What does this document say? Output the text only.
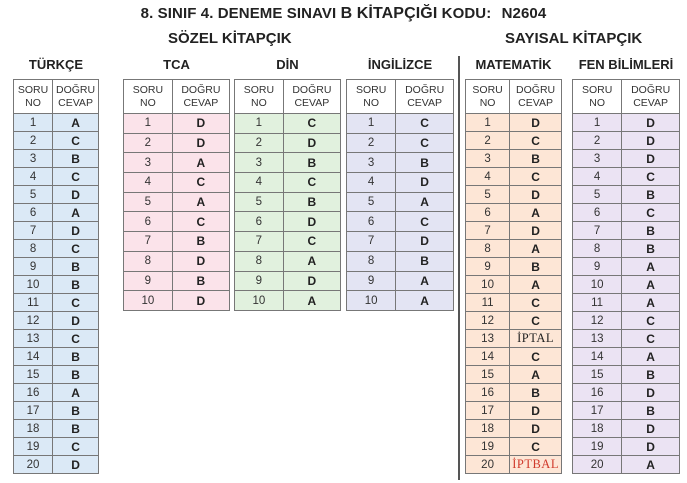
8. SINIF 4. DENEME SINAVI B KİTAPÇIĞI KODU: N2604
SÖZEL KİTAPÇIK	SAYISAL KİTAPÇIK
TÜRKÇE
SORU
NO	DOĞRU
CEVAP
1	A
2	C
3	B
4	C
5	D
6	A
7	D
8	C
9	B
10	B
11	C
12	D
13	C
14	B
15	B
16	A
17	B
18	B
19	C
20	D
TCA
SORU
NO	DOĞRU
CEVAP
1	D
2	D
3	A
4	C
5	A
6	C
7	B
8	D
9	B
10	D
DİN
SORU
NO	DOĞRU
CEVAP
1	C
2	D
3	B
4	C
5	B
6	D
7	C
8	A
9	D
10	A
İNGİLİZCE
SORU
NO	DOĞRU
CEVAP
1	C
2	C
3	B
4	D
5	A
6	C
7	D
8	B
9	A
10	A
MATEMATİK
SORU
NO	DOĞRU
CEVAP
1	D
2	C
3	B
4	C
5	D
6	A
7	D
8	A
9	B
10	A
11	C
12	C
13	İPTAL
14	C
15	A
16	B
17	D
18	D
19	C
20	İPTBAL
FEN BİLİMLERİ
SORU
NO	DOĞRU
CEVAP
1	D
2	D
3	D
4	C
5	B
6	C
7	B
8	B
9	A
10	A
11	A
12	C
13	C
14	A
15	B
16	D
17	B
18	D
19	D
20	A
